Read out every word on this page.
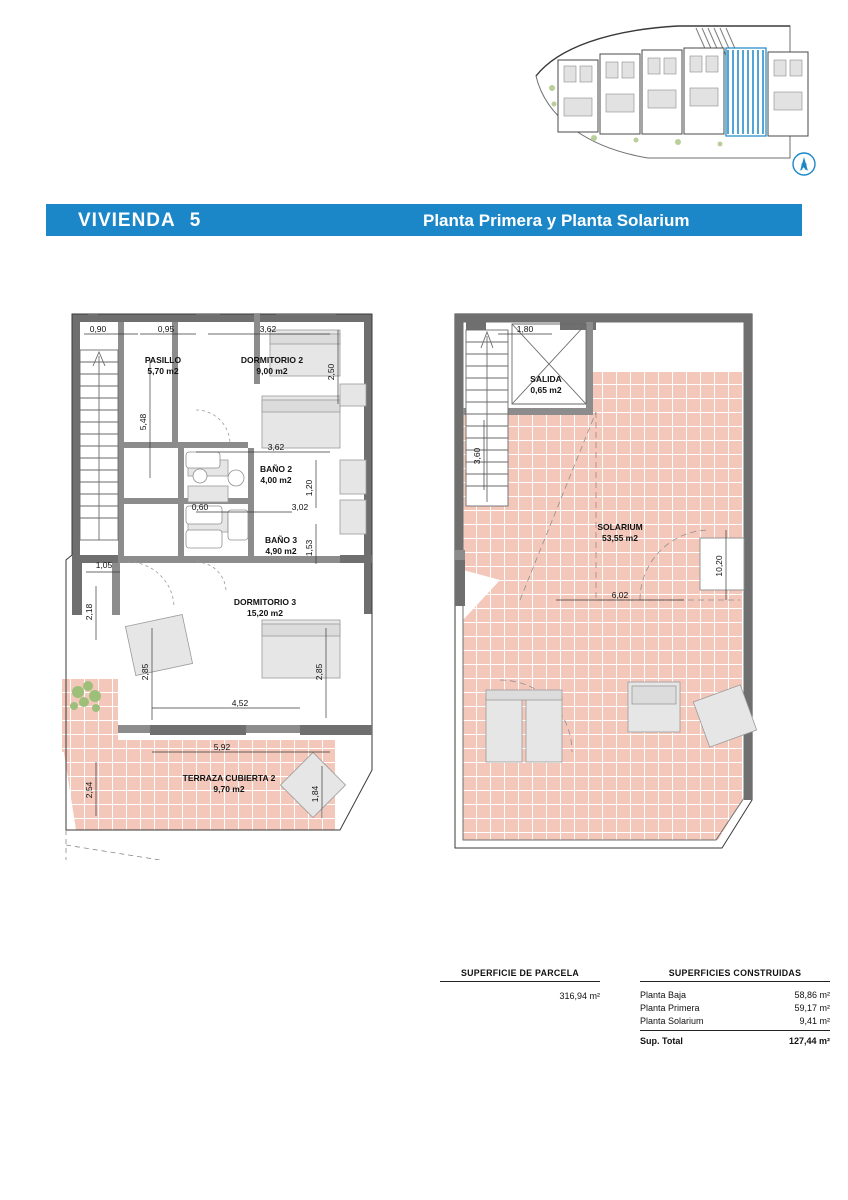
N
VIVIENDA 5	Planta Primera y Planta Solarium
0,90	0,95	3,62
2,50
5,48
3,62
1,20
0,60	3,02
1,53
1,05
2,18
2,85	2,85
4,52
5,92
2,54	1,84
PASILLO
5,70 m2
DORMITORIO 2
9,00 m2
BAÑO 2
4,00 m2
BAÑO 3
4,90 m2
DORMITORIO 3
15,20 m2
TERRAZA CUBIERTA 2
9,70 m2
1,80
3,60
10,20
6,02
SALIDA
0,65 m2
SOLARIUM
53,55 m2
SUPERFICIE DE PARCELA
316,94 m²
SUPERFICIES CONSTRUIDAS
Planta Baja	58,86 m²
Planta Primera	59,17 m²
Planta Solarium	9,41 m²
Sup. Total	127,44 m²
